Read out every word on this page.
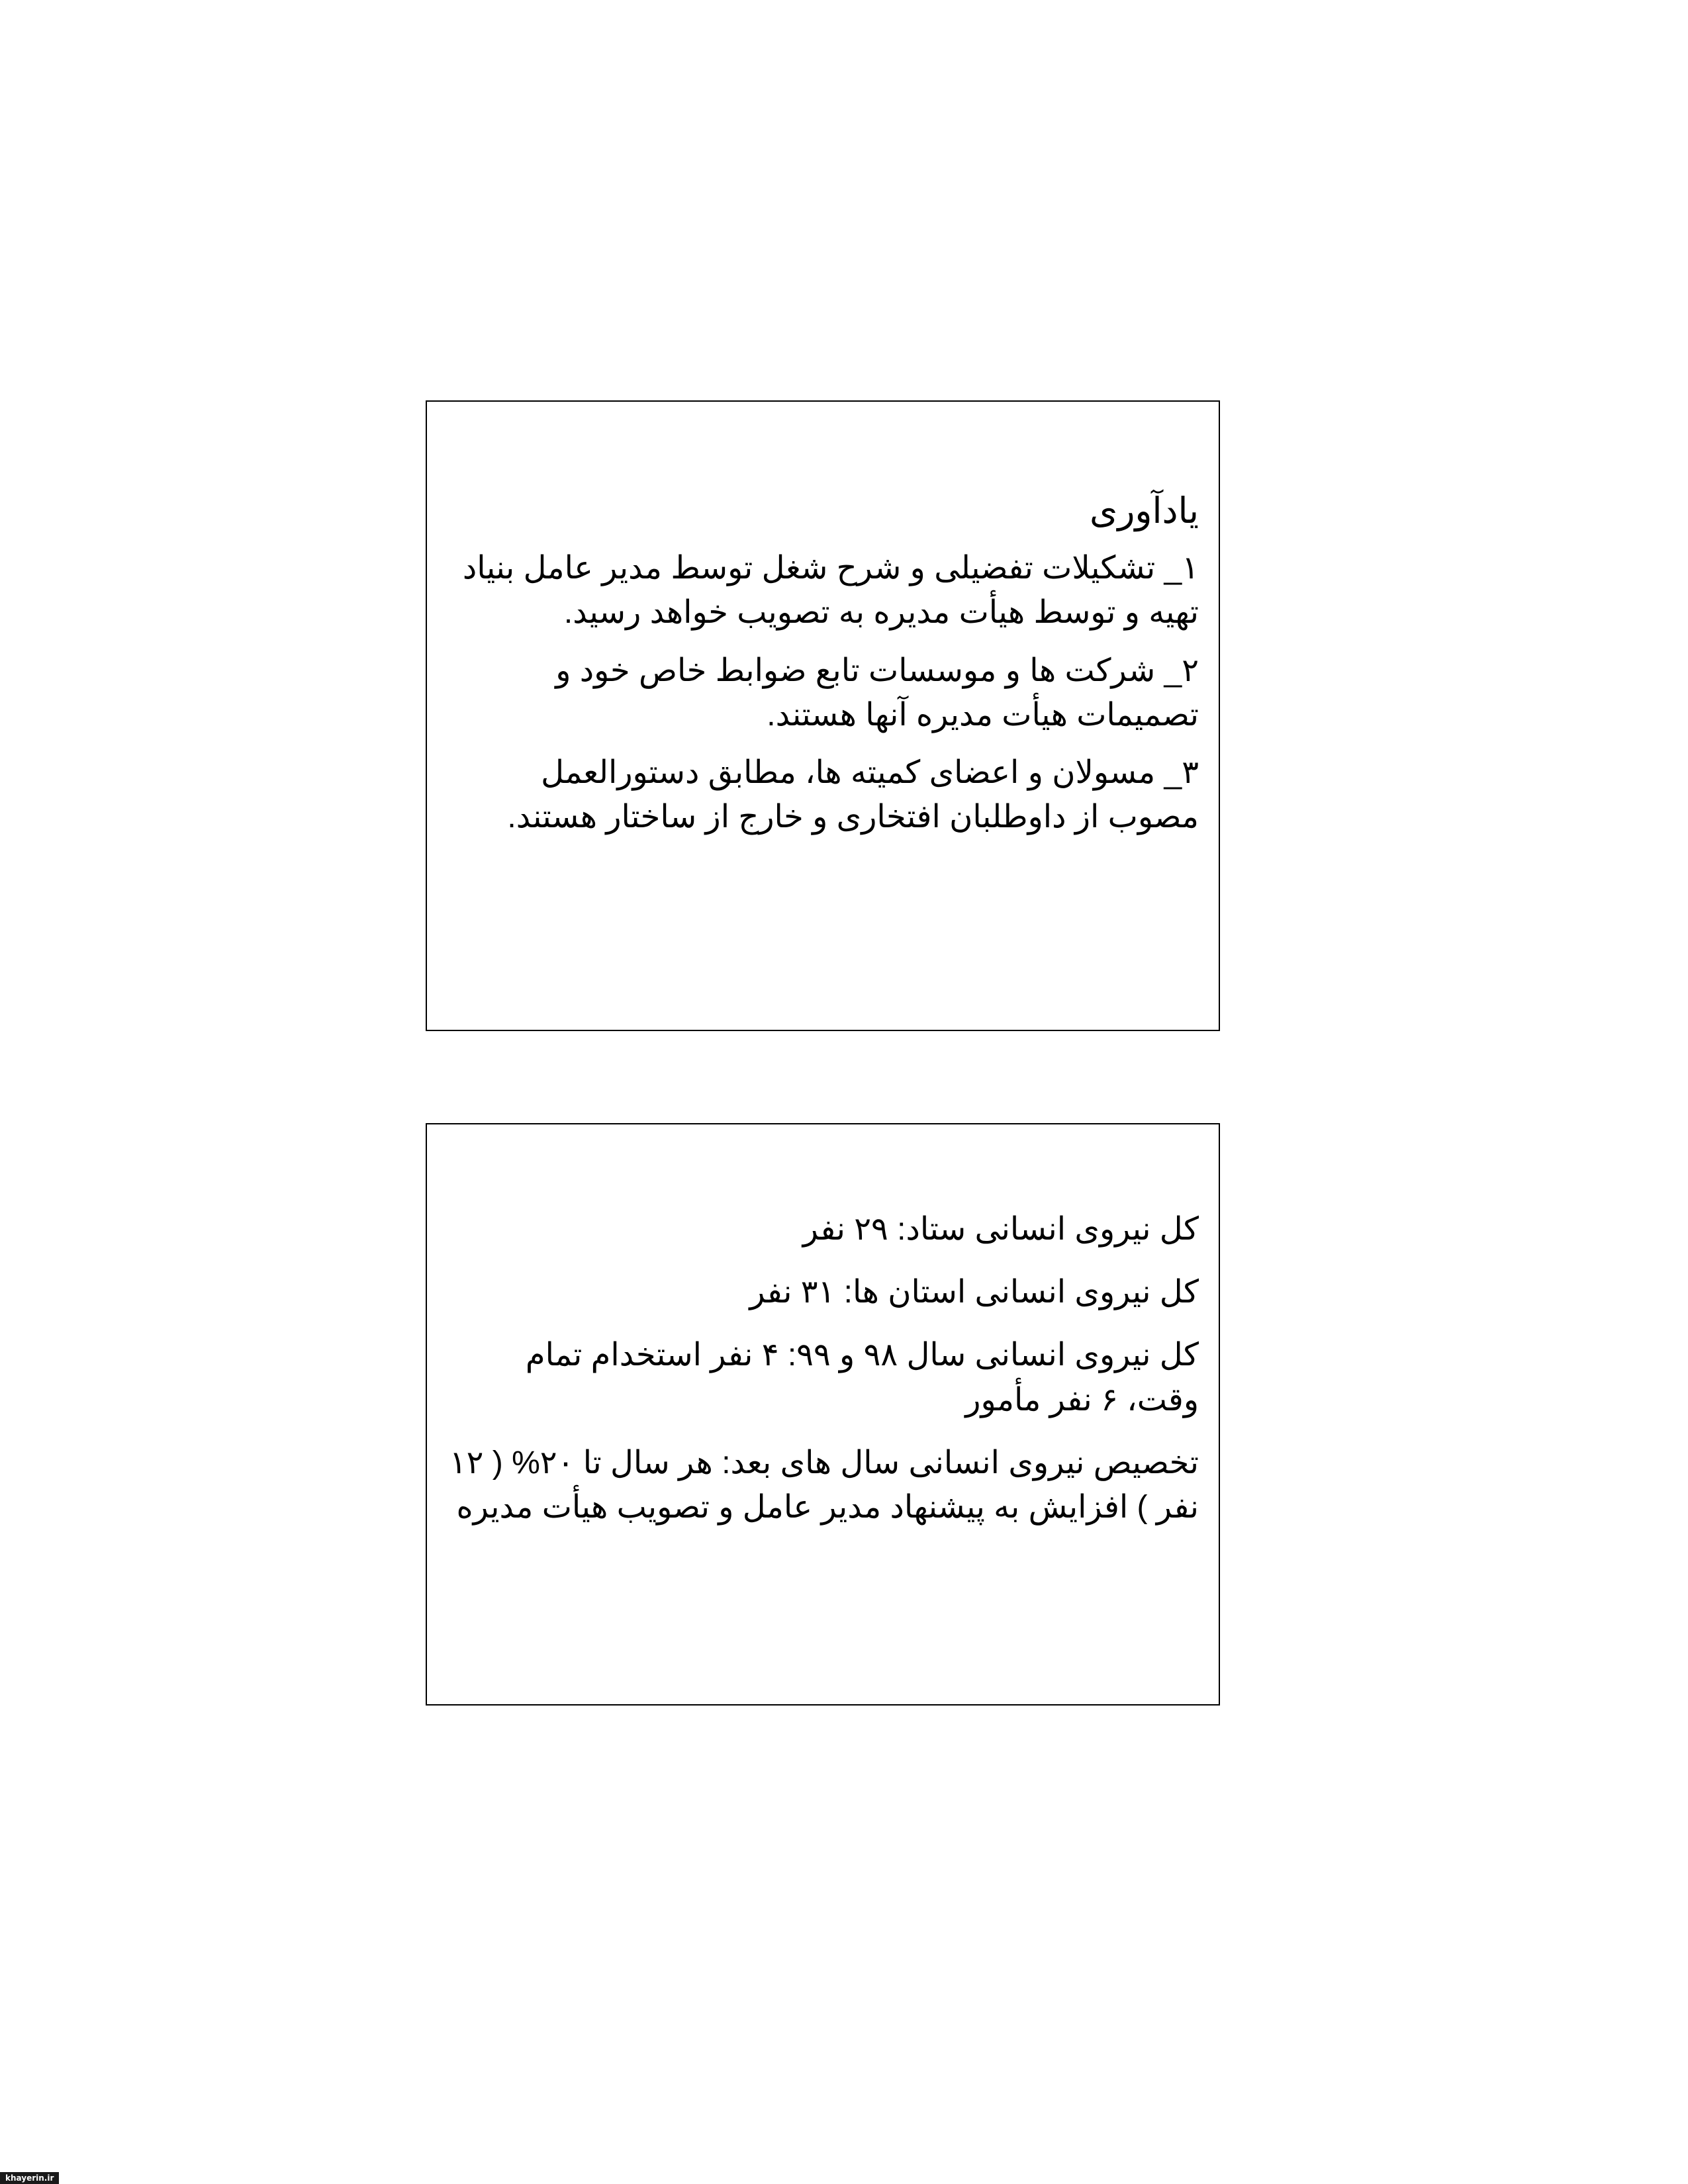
یادآوری
۱_ تشکیلات تفضیلی و شرح شغل توسط مدیر عامل بنیاد تهیه و توسط هیأت مدیره به تصویب خواهد رسید.
۲_ شرکت ها و موسسات تابع ضوابط خاص خود و تصمیمات هیأت مدیره آنها هستند.
۳_ مسولان و اعضای کمیته ها، مطابق دستورالعمل مصوب از داوطلبان افتخاری و خارج از ساختار هستند.
کل نیروی انسانی ستاد: ۲۹ نفر
کل نیروی انسانی استان ها: ۳۱ نفر
کل نیروی انسانی سال ۹۸ و ۹۹: ۴ نفر استخدام تمام وقت، ۶ نفر مأمور
تخصیص نیروی انسانی سال های بعد: هر سال تا ۲۰% ( ۱۲ نفر ) افزایش به پیشنهاد مدیر عامل و تصویب هیأت مدیره
khayerin.ir
